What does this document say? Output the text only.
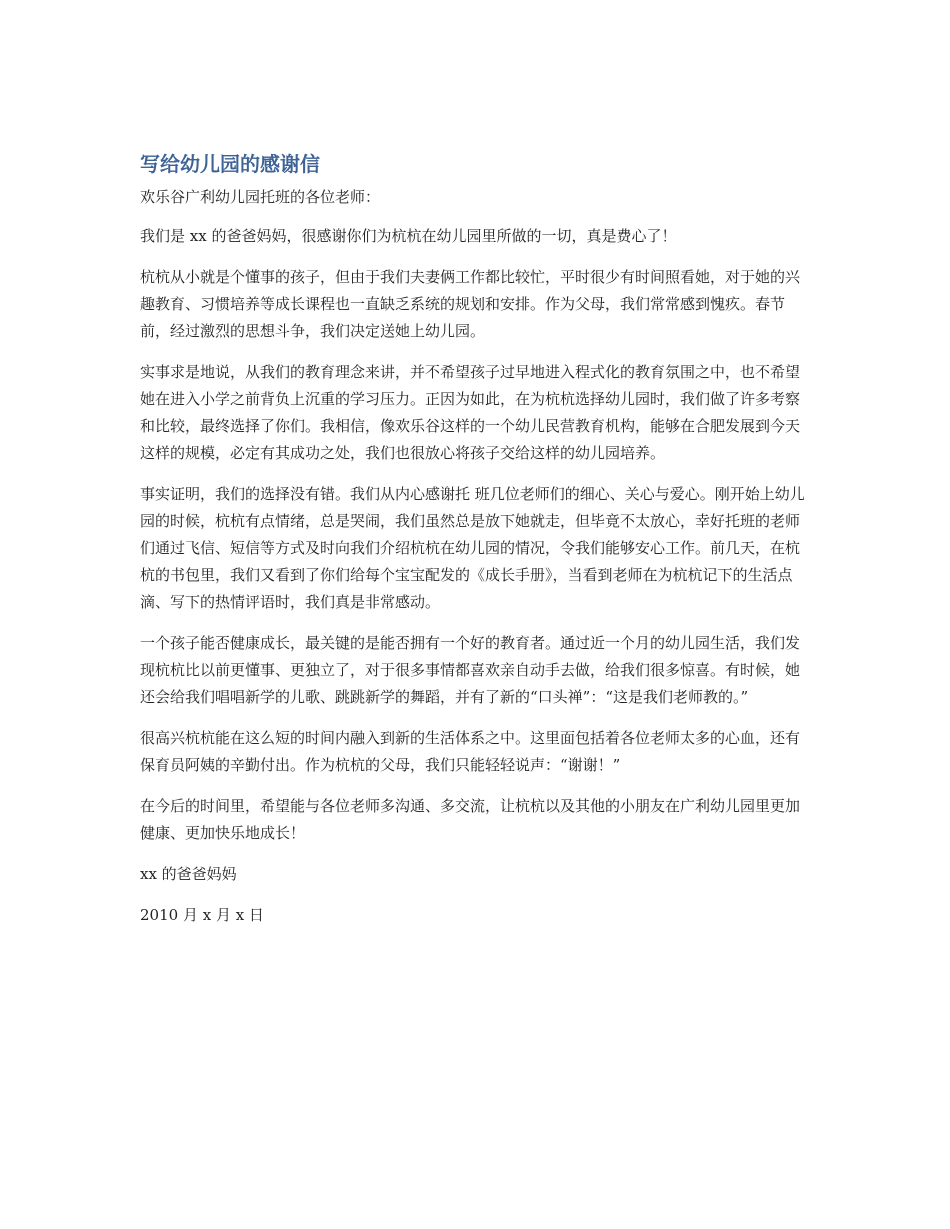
写给幼儿园的感谢信

欢乐谷广利幼儿园托班的各位老师：

我们是 xx 的爸爸妈妈，很感谢你们为杭杭在幼儿园里所做的一切，真是费心了！

杭杭从小就是个懂事的孩子，但由于我们夫妻俩工作都比较忙，平时很少有时间照看她，对于她的兴趣教育、习惯培养等成长课程也一直缺乏系统的规划和安排。作为父母，我们常常感到愧疚。春节前，经过激烈的思想斗争，我们决定送她上幼儿园。

实事求是地说，从我们的教育理念来讲，并不希望孩子过早地进入程式化的教育氛围之中，也不希望她在进入小学之前背负上沉重的学习压力。正因为如此，在为杭杭选择幼儿园时，我们做了许多考察和比较，最终选择了你们。我相信，像欢乐谷这样的一个幼儿民营教育机构，能够在合肥发展到今天这样的规模，必定有其成功之处，我们也很放心将孩子交给这样的幼儿园培养。

事实证明，我们的选择没有错。我们从内心感谢托 班几位老师们的细心、关心与爱心。刚开始上幼儿园的时候，杭杭有点情绪，总是哭闹，我们虽然总是放下她就走，但毕竟不太放心，幸好托班的老师们通过飞信、短信等方式及时向我们介绍杭杭在幼儿园的情况，令我们能够安心工作。前几天，在杭杭的书包里，我们又看到了你们给每个宝宝配发的《成长手册》，当看到老师在为杭杭记下的生活点滴、写下的热情评语时，我们真是非常感动。

一个孩子能否健康成长，最关键的是能否拥有一个好的教育者。通过近一个月的幼儿园生活，我们发现杭杭比以前更懂事、更独立了，对于很多事情都喜欢亲自动手去做，给我们很多惊喜。有时候，她还会给我们唱唱新学的儿歌、跳跳新学的舞蹈，并有了新的“口头禅”：“这是我们老师教的。”

很高兴杭杭能在这么短的时间内融入到新的生活体系之中。这里面包括着各位老师太多的心血，还有保育员阿姨的辛勤付出。作为杭杭的父母，我们只能轻轻说声：“谢谢！”

在今后的时间里，希望能与各位老师多沟通、多交流，让杭杭以及其他的小朋友在广利幼儿园里更加健康、更加快乐地成长！

xx 的爸爸妈妈

2010 月 x 月 x 日
